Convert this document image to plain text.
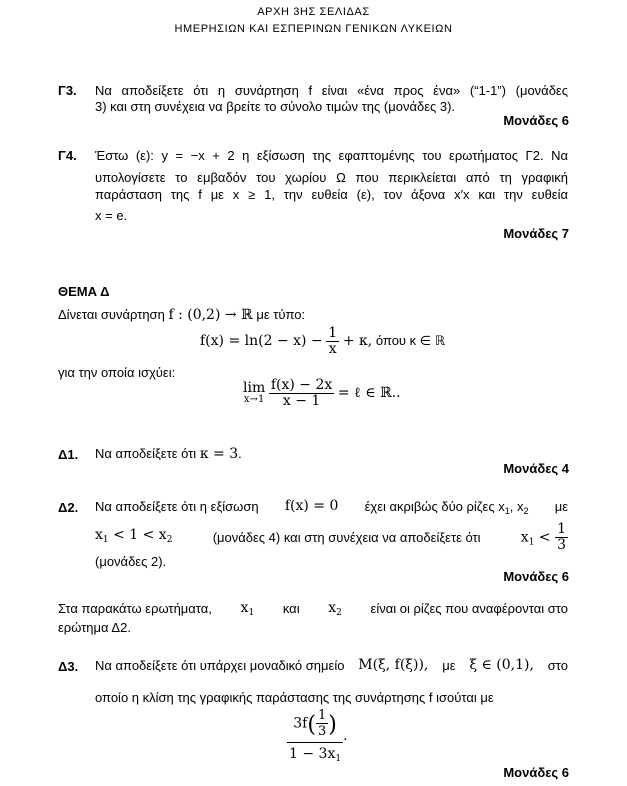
ΑΡΧΗ 3ΗΣ ΣΕΛΙΔΑΣ
ΗΜΕΡΗΣΙΩΝ ΚΑΙ ΕΣΠΕΡΙΝΩΝ ΓΕΝΙΚΩΝ ΛΥΚΕΙΩΝ
Γ3. Να αποδείξετε ότι η συνάρτηση f είναι «ένα προς ένα» (“1-1”) (μονάδες
3) και στη συνέχεια να βρείτε το σύνολο τιμών της (μονάδες 3).
Μονάδες 6
Γ4. Έστω (ε): y = −x + 2 η εξίσωση της εφαπτομένης του ερωτήματος Γ2. Να
υπολογίσετε το εμβαδόν του χωρίου Ω που περικλείεται από τη γραφική
παράσταση της f με x ≥ 1, την ευθεία (ε), τον άξονα x′x και την ευθεία
x = e.
Μονάδες 7
ΘΕΜΑ Δ
Δίνεται συνάρτηση f : (0,2) → ℝ με τύπο:
$f(x) = \ln(2 - x) - \frac{1}{x} + \kappa$, όπου κ ∈ ℝ
για την οποία ισχύει:
lim
x→1
$\frac{f(x) - 2x}{x - 1}$ = ℓ ∈ ℝ..
Δ1. Να αποδείξετε ότι κ = 3.
Μονάδες 4
Δ2. Να αποδείξετε ότι η εξίσωση f(x) = 0 έχει ακριβώς δύο ρίζες $x_1$, $x_2$ με
$x_1 < 1 < x_2$	(μονάδες 4) και στη συνέχεια να αποδείξετε ότι	$x_1 < \frac{1}{3}$
(μονάδες 2).
Μονάδες 6
Στα παρακάτω ερωτήματα, $x_1$ και $x_2$ είναι οι ρίζες που αναφέρονται στο
ερώτημα Δ2.
Δ3. Να αποδείξετε ότι υπάρχει μοναδικό σημείο M(ξ, f(ξ)), με ξ ∈ (0,1), στο
οποίο η κλίση της γραφικής παράστασης της συνάρτησης f ισούται με
$\frac{3f( \frac{1}{3} )}{1 - 3x_1}$ .
Μονάδες 6
